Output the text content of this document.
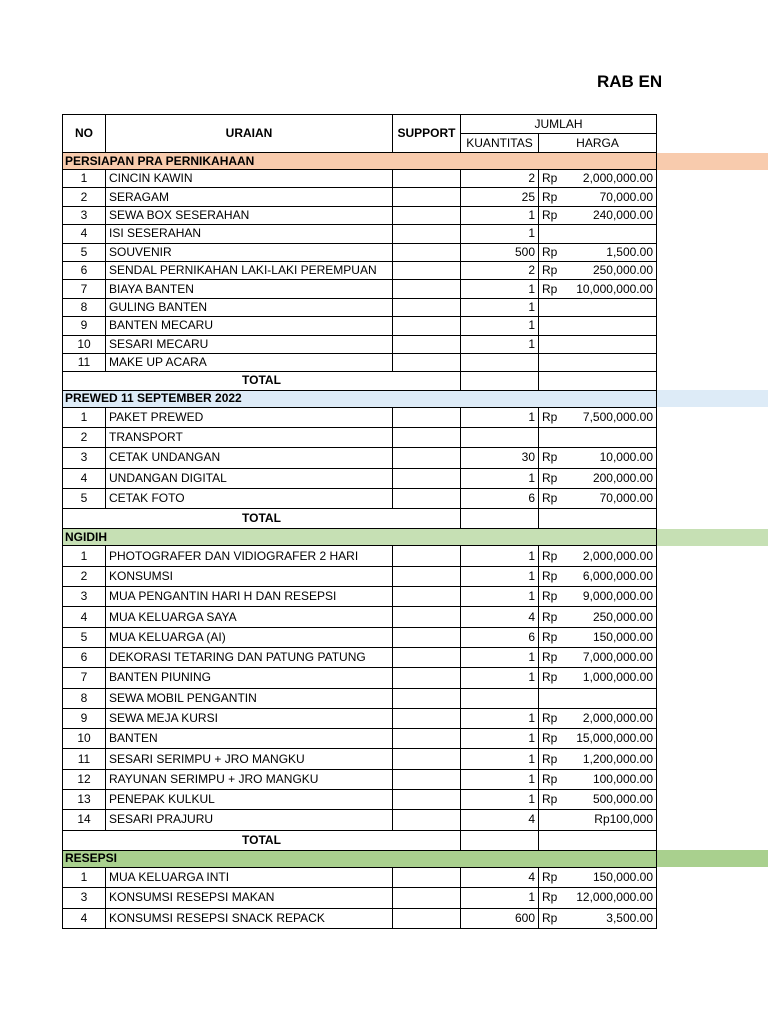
RAB EN
NO	URAIAN	SUPPORT	JUMLAH	
			KUANTITAS	HARGA
PERSIAPAN PRA PERNIKAHAAN				
1	CINCIN KAWIN		2	Rp 2,000,000.00

2	SERAGAM		25	Rp 70,000.00

3	SEWA BOX SESERAHAN		1	Rp 240,000.00

4	ISI SESERAHAN		1	
5	SOUVENIR		500	Rp 1,500.00

6	SENDAL PERNIKAHAN LAKI-LAKI PEREMPUAN		2	Rp 250,000.00

7	BIAYA BANTEN		1	Rp 10,000,000.00

8	GULING BANTEN		1	
9	BANTEN MECARU		1	
10	SESARI MECARU		1	
11	MAKE UP ACARA			
TOTAL				
PREWED 11 SEPTEMBER 2022				
1	PAKET PREWED		1	Rp 7,500,000.00

2	TRANSPORT			
3	CETAK UNDANGAN		30	Rp 10,000.00

4	UNDANGAN DIGITAL		1	Rp 200,000.00

5	CETAK FOTO		6	Rp 70,000.00

TOTAL				
NGIDIH				
1	PHOTOGRAFER DAN VIDIOGRAFER 2 HARI		1	Rp 2,000,000.00

2	KONSUMSI		1	Rp 6,000,000.00

3	MUA PENGANTIN HARI H DAN RESEPSI		1	Rp 9,000,000.00

4	MUA KELUARGA SAYA		4	Rp 250,000.00

5	MUA KELUARGA (AI)		6	Rp 150,000.00

6	DEKORASI TETARING DAN PATUNG PATUNG		1	Rp 7,000,000.00

7	BANTEN PIUNING		1	Rp 1,000,000.00

8	SEWA MOBIL PENGANTIN			
9	SEWA MEJA KURSI		1	Rp 2,000,000.00

10	BANTEN		1	Rp 15,000,000.00

11	SESARI SERIMPU + JRO MANGKU		1	Rp 1,200,000.00

12	RAYUNAN SERIMPU + JRO MANGKU		1	Rp 100,000.00

13	PENEPAK KULKUL		1	Rp 500,000.00

14	SESARI PRAJURU		4	Rp100,000
TOTAL				
RESEPSI				
1	MUA KELUARGA INTI		4	Rp 150,000.00

3	KONSUMSI RESEPSI MAKAN		1	Rp 12,000,000.00

4	KONSUMSI RESEPSI SNACK REPACK		600	Rp 3,500.00
